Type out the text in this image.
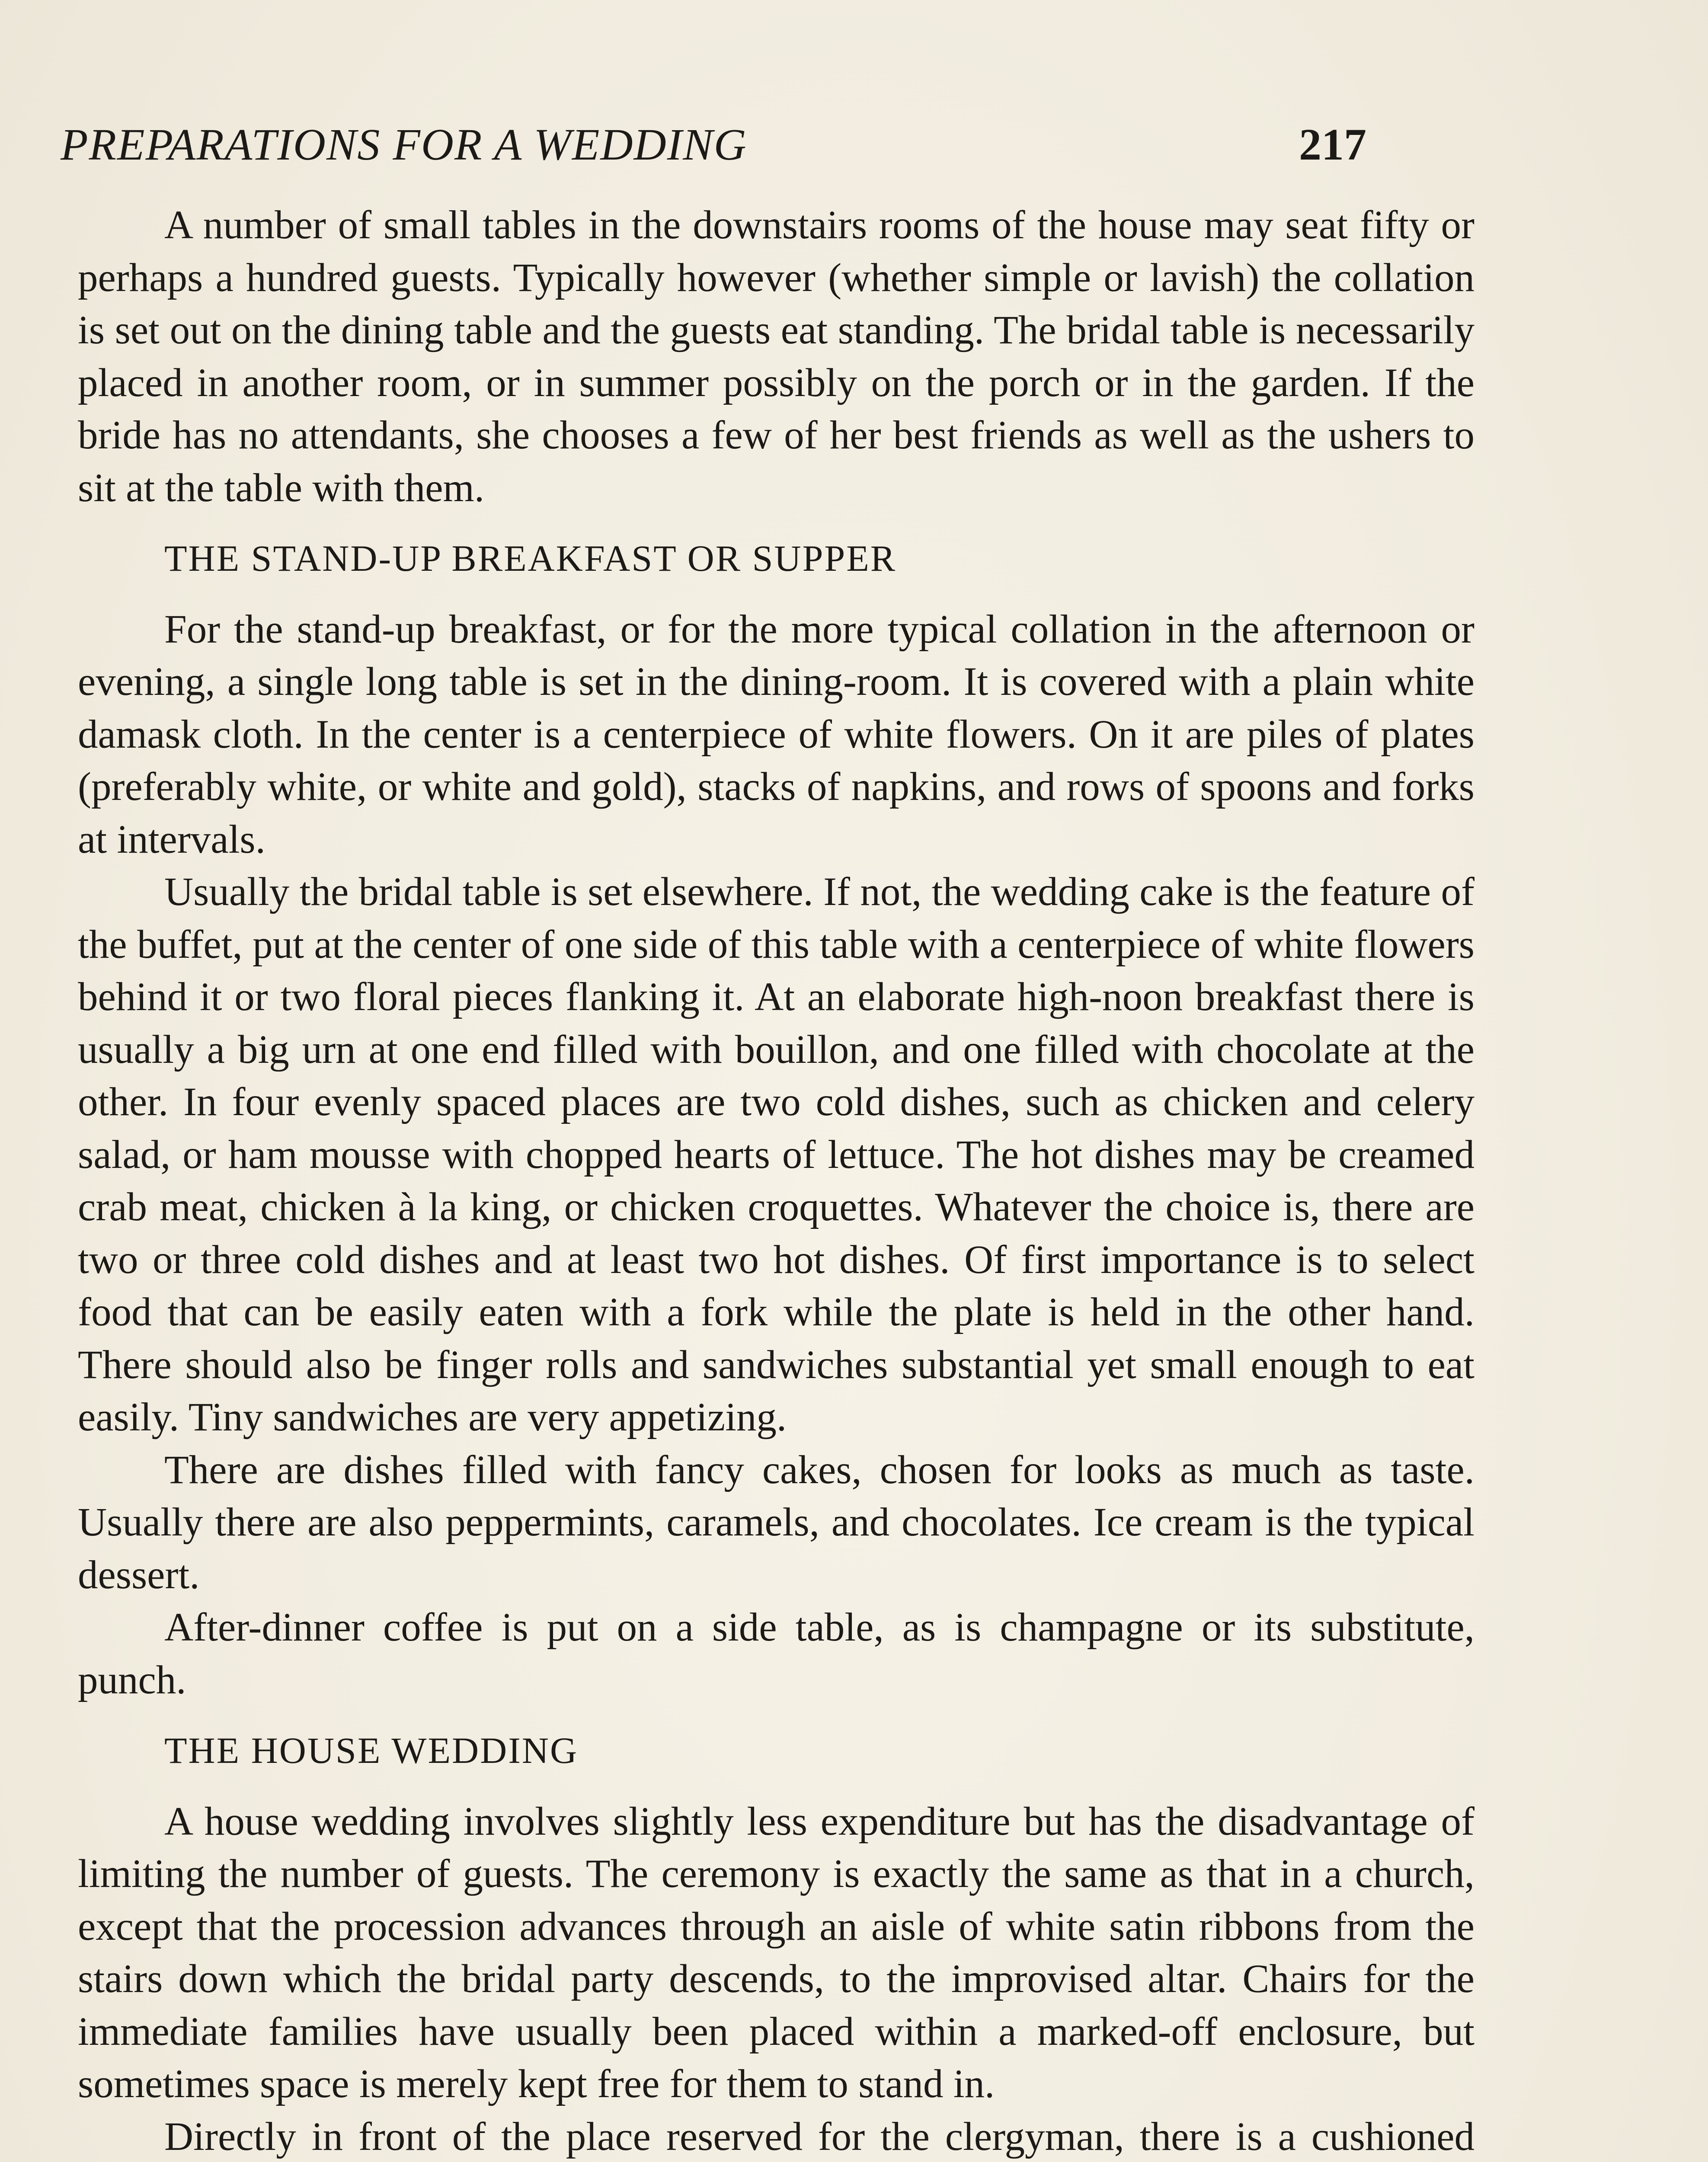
PREPARATIONS FOR A WEDDING	217

A number of small tables in the downstairs rooms of the house may seat fifty or perhaps a hundred guests. Typically however (whether simple or lavish) the collation is set out on the dining table and the guests eat standing. The bridal table is necessarily placed in another room, or in summer possibly on the porch or in the garden. If the bride has no attendants, she chooses a few of her best friends as well as the ushers to sit at the table with them.

THE STAND-UP BREAKFAST OR SUPPER

For the stand-up breakfast, or for the more typical collation in the afternoon or evening, a single long table is set in the dining-room. It is covered with a plain white damask cloth. In the center is a centerpiece of white flowers. On it are piles of plates (preferably white, or white and gold), stacks of napkins, and rows of spoons and forks at intervals.

Usually the bridal table is set elsewhere. If not, the wedding cake is the feature of the buffet, put at the center of one side of this table with a centerpiece of white flowers behind it or two floral pieces flanking it. At an elaborate high-noon breakfast there is usually a big urn at one end filled with bouillon, and one filled with chocolate at the other. In four evenly spaced places are two cold dishes, such as chicken and celery salad, or ham mousse with chopped hearts of lettuce. The hot dishes may be creamed crab meat, chicken à la king, or chicken croquettes. Whatever the choice is, there are two or three cold dishes and at least two hot dishes. Of first importance is to select food that can be easily eaten with a fork while the plate is held in the other hand. There should also be finger rolls and sandwiches substantial yet small enough to eat easily. Tiny sandwiches are very appetizing.

There are dishes filled with fancy cakes, chosen for looks as much as taste. Usually there are also peppermints, caramels, and chocolates. Ice cream is the typical dessert.

After-dinner coffee is put on a side table, as is champagne or its substitute, punch.

THE HOUSE WEDDING

A house wedding involves slightly less expenditure but has the disadvantage of limiting the number of guests. The ceremony is exactly the same as that in a church, except that the procession advances through an aisle of white satin ribbons from the stairs down which the bridal party descends, to the improvised altar. Chairs for the immediate families have usually been placed within a marked-off enclosure, but sometimes space is merely kept free for them to stand in.

Directly in front of the place reserved for the clergyman, there is a cushioned
